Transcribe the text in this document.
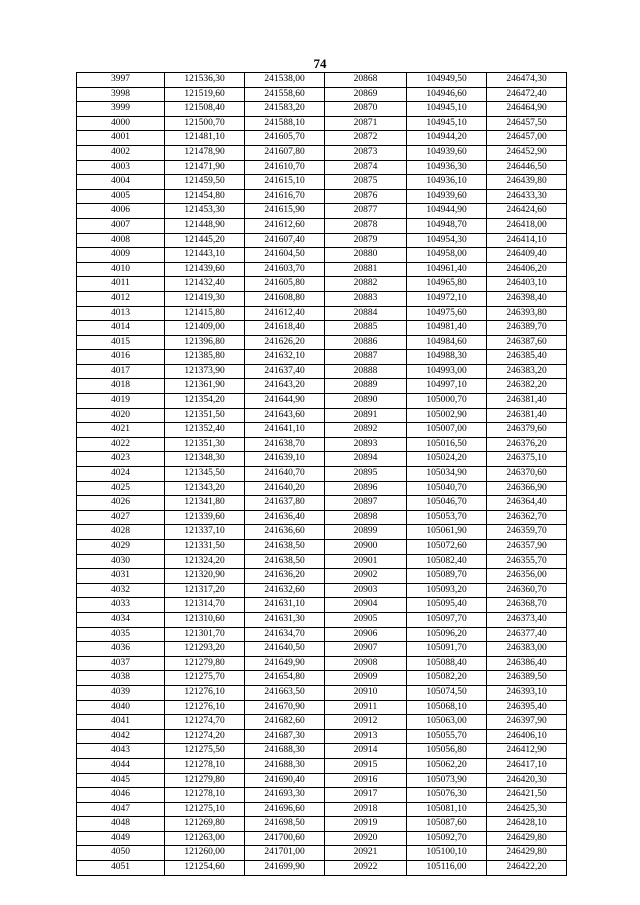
74
3997	121536,30	241538,00	20868	104949,50	246474,30
3998	121519,60	241558,60	20869	104946,60	246472,40
3999	121508,40	241583,20	20870	104945,10	246464,90
4000	121500,70	241588,10	20871	104945,10	246457,50
4001	121481,10	241605,70	20872	104944,20	246457,00
4002	121478,90	241607,80	20873	104939,60	246452,90
4003	121471,90	241610,70	20874	104936,30	246446,50
4004	121459,50	241615,10	20875	104936,10	246439,80
4005	121454,80	241616,70	20876	104939,60	246433,30
4006	121453,30	241615,90	20877	104944,90	246424,60
4007	121448,90	241612,60	20878	104948,70	246418,00
4008	121445,20	241607,40	20879	104954,30	246414,10
4009	121443,10	241604,50	20880	104958,00	246409,40
4010	121439,60	241603,70	20881	104961,40	246406,20
4011	121432,40	241605,80	20882	104965,80	246403,10
4012	121419,30	241608,80	20883	104972,10	246398,40
4013	121415,80	241612,40	20884	104975,60	246393,80
4014	121409,00	241618,40	20885	104981,40	246389,70
4015	121396,80	241626,20	20886	104984,60	246387,60
4016	121385,80	241632,10	20887	104988,30	246385,40
4017	121373,90	241637,40	20888	104993,00	246383,20
4018	121361,90	241643,20	20889	104997,10	246382,20
4019	121354,20	241644,90	20890	105000,70	246381,40
4020	121351,50	241643,60	20891	105002,90	246381,40
4021	121352,40	241641,10	20892	105007,00	246379,60
4022	121351,30	241638,70	20893	105016,50	246376,20
4023	121348,30	241639,10	20894	105024,20	246375,10
4024	121345,50	241640,70	20895	105034,90	246370,60
4025	121343,20	241640,20	20896	105040,70	246366,90
4026	121341,80	241637,80	20897	105046,70	246364,40
4027	121339,60	241636,40	20898	105053,70	246362,70
4028	121337,10	241636,60	20899	105061,90	246359,70
4029	121331,50	241638,50	20900	105072,60	246357,90
4030	121324,20	241638,50	20901	105082,40	246355,70
4031	121320,90	241636,20	20902	105089,70	246356,00
4032	121317,20	241632,60	20903	105093,20	246360,70
4033	121314,70	241631,10	20904	105095,40	246368,70
4034	121310,60	241631,30	20905	105097,70	246373,40
4035	121301,70	241634,70	20906	105096,20	246377,40
4036	121293,20	241640,50	20907	105091,70	246383,00
4037	121279,80	241649,90	20908	105088,40	246386,40
4038	121275,70	241654,80	20909	105082,20	246389,50
4039	121276,10	241663,50	20910	105074,50	246393,10
4040	121276,10	241670,90	20911	105068,10	246395,40
4041	121274,70	241682,60	20912	105063,00	246397,90
4042	121274,20	241687,30	20913	105055,70	246406,10
4043	121275,50	241688,30	20914	105056,80	246412,90
4044	121278,10	241688,30	20915	105062,20	246417,10
4045	121279,80	241690,40	20916	105073,90	246420,30
4046	121278,10	241693,30	20917	105076,30	246421,50
4047	121275,10	241696,60	20918	105081,10	246425,30
4048	121269,80	241698,50	20919	105087,60	246428,10
4049	121263,00	241700,60	20920	105092,70	246429,80
4050	121260,00	241701,00	20921	105100,10	246429,80
4051	121254,60	241699,90	20922	105116,00	246422,20
